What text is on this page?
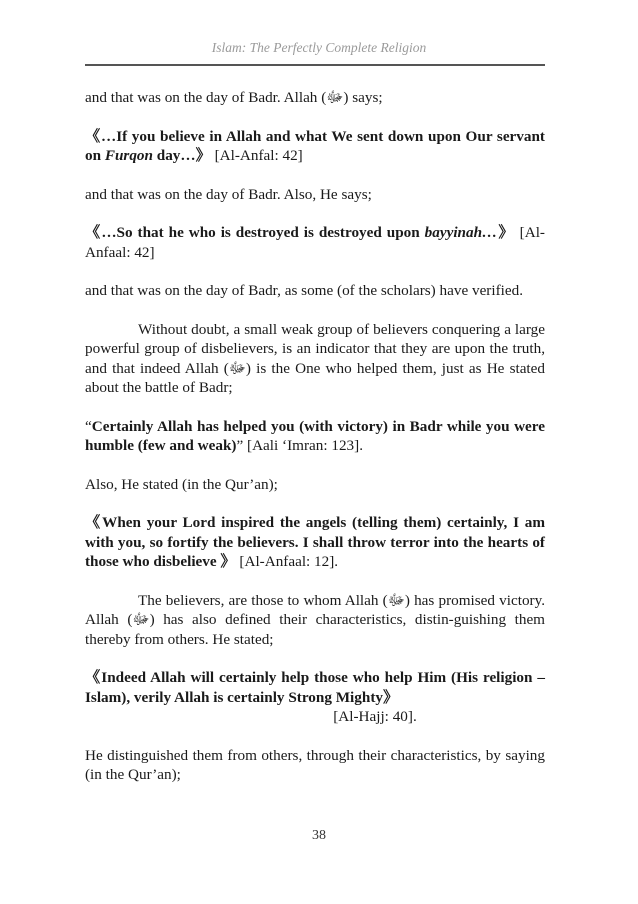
Islam: The Perfectly Complete Religion

and that was on the day of Badr. Allah (ﷻ) says;

《…If you believe in Allah and what We sent down upon Our servant on Furqon day…》 [Al-Anfal: 42]

and that was on the day of Badr. Also, He says;

《…So that he who is destroyed is destroyed upon bayyinah…》 [Al-Anfaal: 42]

and that was on the day of Badr, as some (of the scholars) have verified.

Without doubt, a small weak group of believers conquering a large powerful group of disbelievers, is an indicator that they are upon the truth, and that indeed Allah (ﷻ) is the One who helped them, just as He stated about the battle of Badr;

“Certainly Allah has helped you (with victory) in Badr while you were humble (few and weak)” [Aali ‘Imran: 123].

Also, He stated (in the Qur’an);

《When your Lord inspired the angels (telling them) certainly, I am with you, so fortify the believers. I shall throw terror into the hearts of those who disbelieve 》 [Al-Anfaal: 12].

The believers, are those to whom Allah (ﷻ) has promised victory. Allah (ﷻ) has also defined their characteristics, distin-guishing them thereby from others. He stated;

《Indeed Allah will certainly help those who help Him (His religion – Islam), verily Allah is certainly Strong Mighty》
[Al-Hajj: 40].

He distinguished them from others, through their characteristics, by saying (in the Qur’an);

38
